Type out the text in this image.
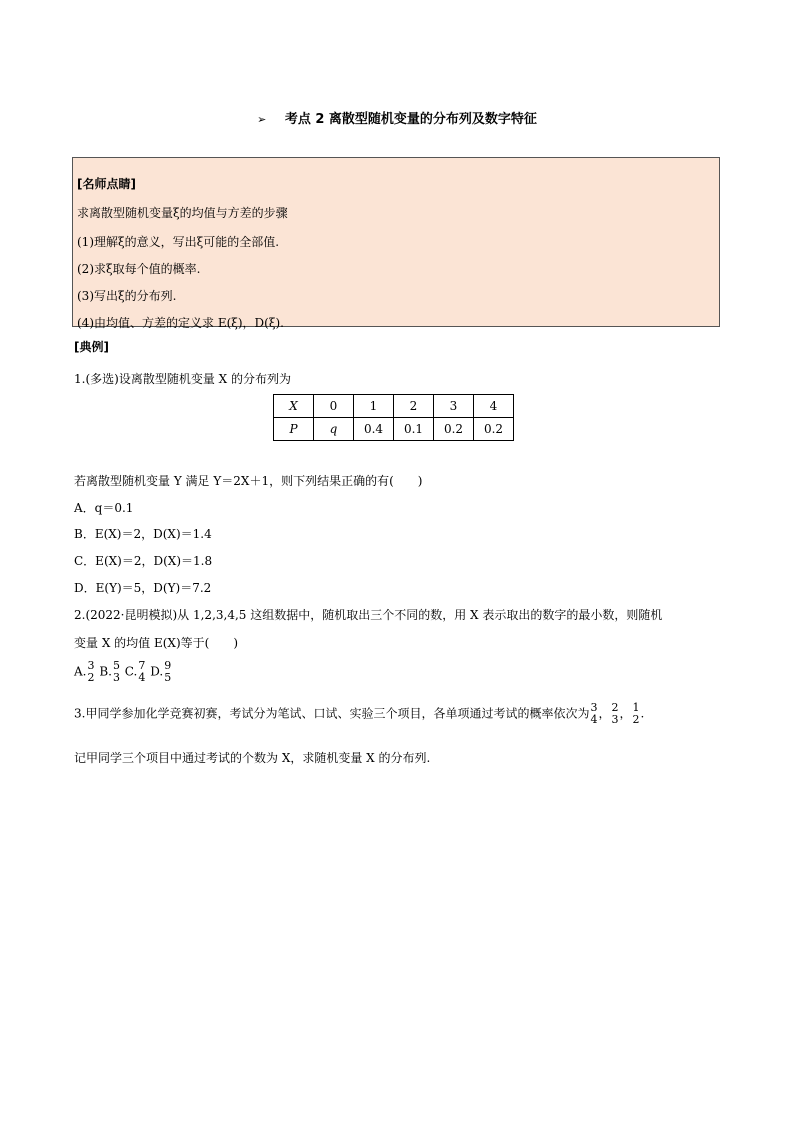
➢ 考点 2 离散型随机变量的分布列及数字特征
[名师点睛]
求离散型随机变量ξ的均值与方差的步骤
(1)理解ξ的意义，写出ξ可能的全部值.
(2)求ξ取每个值的概率.
(3)写出ξ的分布列.
(4)由均值、方差的定义求 E(ξ)，D(ξ).
[典例]
1.(多选)设离散型随机变量 X 的分布列为
X	0	1	2	3	4
P	q	0.4	0.1	0.2	0.2
若离散型随机变量 Y 满足 Y＝2X＋1，则下列结果正确的有(　　)
A．q＝0.1
B．E(X)＝2，D(X)＝1.4
C．E(X)＝2，D(X)＝1.8
D．E(Y)＝5，D(Y)＝7.2
2.(2022·昆明模拟)从 1,2,3,4,5 这组数据中，随机取出三个不同的数，用 X 表示取出的数字的最小数，则随机
变量 X 的均值 E(X)等于(　　)
A. 3
2 B. 5
3 C. 7
4 D. 9
5
3.甲同学参加化学竞赛初赛，考试分为笔试、口试、实验三个项目，各单项通过考试的概率依次为 3
4 ， 2
3 ， 1
2 .
记甲同学三个项目中通过考试的个数为 X，求随机变量 X 的分布列.
